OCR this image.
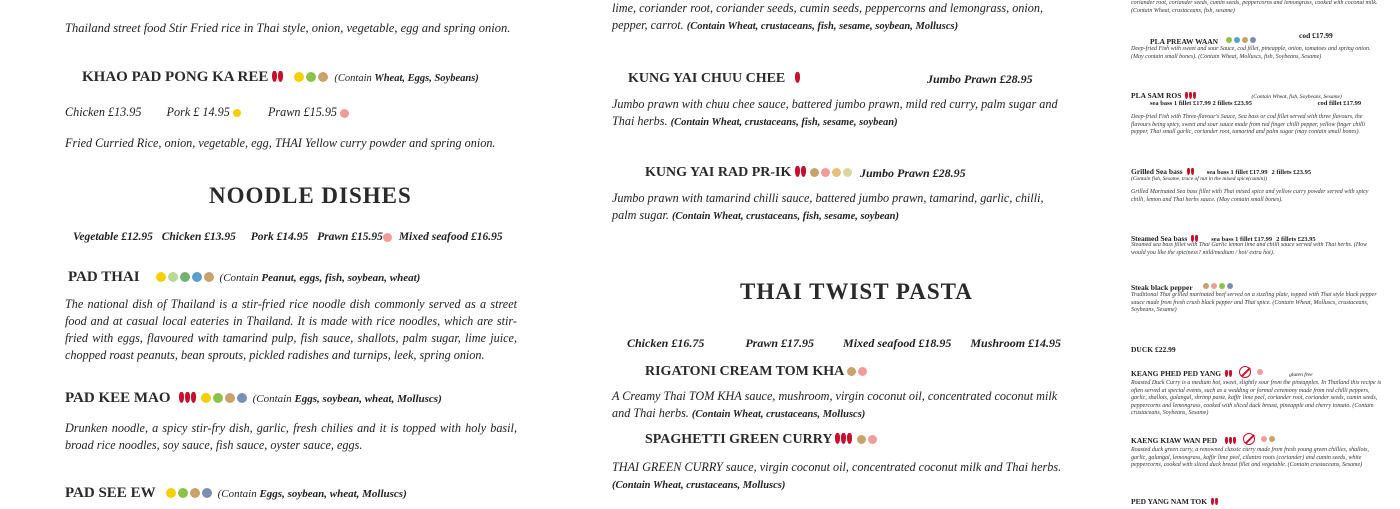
Thailand street food Stir Fried rice in Thai style, onion, vegetable, egg and spring onion.
KHAO PAD PONG KA REE	(Contain Wheat, Eggs, Soybeans)
Chicken £13.95 Pork £ 14.95	Prawn £15.95
Fried Curried Rice, onion, vegetable, egg, THAI Yellow curry powder and spring onion.
NOODLE DISHES
Vegetable £12.95 Chicken £13.95 Pork £14.95 Prawn £15.95 Mixed seafood £16.95
PAD THAI	(Contain Peanut, eggs, fish, soybean, wheat)
The national dish of Thailand is a stir-fried rice noodle dish commonly served as a street food and at casual local eateries in Thailand. It is made with rice noodles, which are stir-fried with eggs, flavoured with tamarind pulp, fish sauce, shallots, palm sugar, lime juice, chopped roast peanuts, bean sprouts, pickled radishes and turnips, leek, spring onion.
PAD KEE MAO	(Contain Eggs, soybean, wheat, Molluscs)
Drunken noodle, a spicy stir-fry dish, garlic, fresh chilies and it is topped with holy basil, broad rice noodles, soy sauce, fish sauce, oyster sauce, eggs.
PAD SEE EW	(Contain Eggs, soybean, wheat, Molluscs)
lime, coriander root, coriander seeds, cumin seeds, peppercorns and lemongrass, onion, pepper, carrot. (Contain Wheat, crustaceans, fish, sesame, soybean, Molluscs)
KUNG YAI CHUU CHEE	Jumbo Prawn £28.95
Jumbo prawn with chuu chee sauce, battered jumbo prawn, mild red curry, palm sugar and Thai herbs. (Contain Wheat, crustaceans, fish, sesame, soybean)
KUNG YAI RAD PR-IK	Jumbo Prawn £28.95
Jumbo prawn with tamarind chilli sauce, battered jumbo prawn, tamarind, garlic, chilli, palm sugar. (Contain Wheat, crustaceans, fish, sesame, soybean)
THAI TWIST PASTA
Chicken £16.75	Prawn £17.95 Mixed seafood £18.95 Mushroom £14.95
RIGATONI CREAM TOM KHA
A Creamy Thai TOM KHA sauce, mushroom, virgin coconut oil, concentrated coconut milk and Thai herbs. (Contain Wheat, crustaceans, Molluscs)
SPAGHETTI GREEN CURRY
THAI GREEN CURRY sauce, virgin coconut oil, concentrated coconut milk and Thai herbs. (Contain Wheat, crustaceans, Molluscs)
coriander root, coriander seeds, cumin seeds, peppercorns and lemongrass, cooked with coconut milk. (Contain Wheat, crustaceans, fish, sesame)
PLA PREAW WAAN
cod £17.99
Deep-fried Fish with sweet and sour Sauce, cod fillet, pineapple, onion, tomatoes and spring onion. (May contain small bones). (Contain Wheat, Molluscs, fish, Soybeans, Sesame)
PLA SAM ROS	(Contain Wheat, fish, Soybeans, Sesame)
sea bass 1 fillet £17.99 2 fillets £23.95	cod fillet £17.99
Deep-fried Fish with Three-flavour's Sauce, Sea bass or cod fillet served with three flavours, the flavours being spicy, sweet and sour sauce made from red finger chilli pepper, yellow finger chilli pepper, Thai small garlic, coriander root, tamarind and palm sugar (may contain small bones).
Grilled Sea bass	sea bass 1 fillet £17.99 2 fillets £23.95
(Contain fish, Sesame, trace of nut in the mixed spice(cumin))
Grilled Marinated Sea bass fillet with Thai mixed spice and yellow curry powder served with spicy chilli, lemon and Thai herbs sauce. (May contain small bones).
Steamed Sea bass	sea bass 1 fillet £17.99 2 fillets £23.95
Steamed sea bass fillet with Thai Garlic lemon lime and chilli sauce served with Thai herbs. (How would you like the spiciness? mild/medium / hot/ extra hot).
Steak black pepper
Traditional Thai grilled marinated beef served on a sizzling plate, topped with Thai style black pepper sauce made from fresh crush black pepper and Thai spice. (Contain Wheat, Molluscs, crustaceans, Soybeans, Sesame)
DUCK £22.99
KEANG PHED PED YANG	gluten free
Roasted Duck Curry is a medium hot, sweet, slightly sour from the pineapples. In Thailand this recipe is often served at special events, such as a wedding or formal ceremony made from red chilli peppers, garlic, shallots, galangal, shrimp paste, kaffir lime peel, coriander root, coriander seeds, cumin seeds, peppercorns and lemongrass, cooked with sliced duck breast, pineapple and cherry tomato. (Contain crustaceans, Soybeans, Sesame)
KAENG KIAW WAN PED
Roasted duck green curry, a renowned classic curry made from fresh young green chillies, shallots, garlic, galangal, lemongrass, kaffir lime peel, cilantro roots (coriander) and cumin seeds, white peppercorns, cooked with sliced duck breast fillet and vegetable. (Contain crustaceans, Sesame)
PED YANG NAM TOK
